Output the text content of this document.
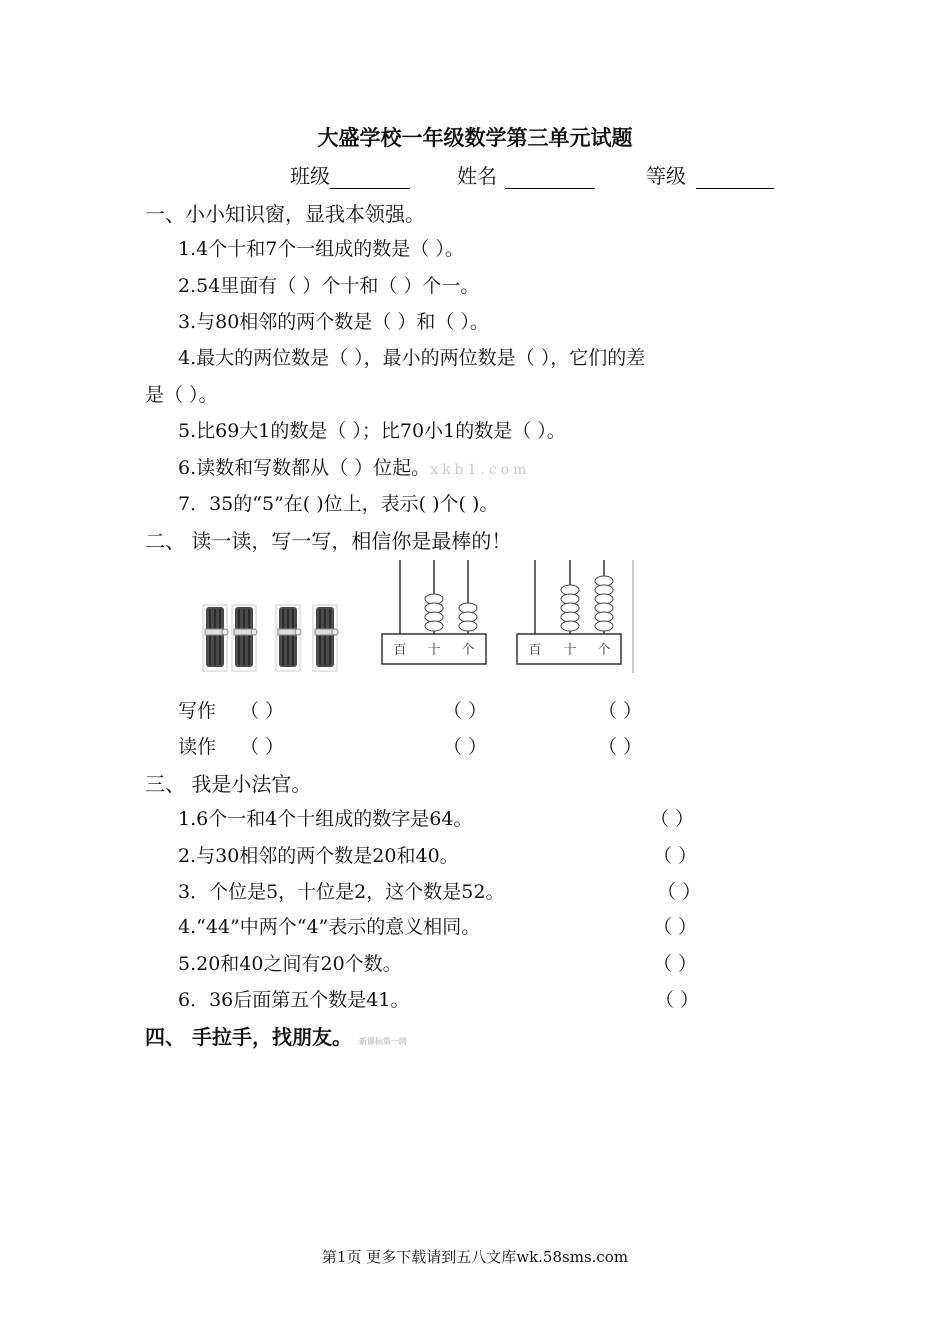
大盛学校一年级数学第三单元试题
班级	姓名	等级
一、小小知识窗，显我本领强。
1.4个十和7个一组成的数是（ ）。
2.54里面有（ ）个十和（ ）个一。
3.与80相邻的两个数是（ ）和（ ）。
4.最大的两位数是（ ），最小的两位数是（ ），它们的差
是（ ）。
5.比69大1的数是（ ）；比70小1的数是（ ）。
6.读数和写数都从（ ）位起。xkb1.com
7．35的“5”在( )位上，表示( )个( )。
二、 读一读，写一写，相信你是最棒的！
百 十 个	百 十 个
写作 （ ）	（ ）	（ ）
读作 （ ）	（ ）	（ ）
三、 我是小法官。
1.6个一和4个十组成的数字是64。	（ ）
2.与30相邻的两个数是20和40。	（ ）
3．个位是5，十位是2，这个数是52。	（ ）
4.“44”中两个“4”表示的意义相同。	（ ）
5.20和40之间有20个数。	（ ）
6．36后面第五个数是41。	（ ）
四、 手拉手，找朋友。 新课标第一网
第1页 更多下载请到五八文库wk.58sms.com
